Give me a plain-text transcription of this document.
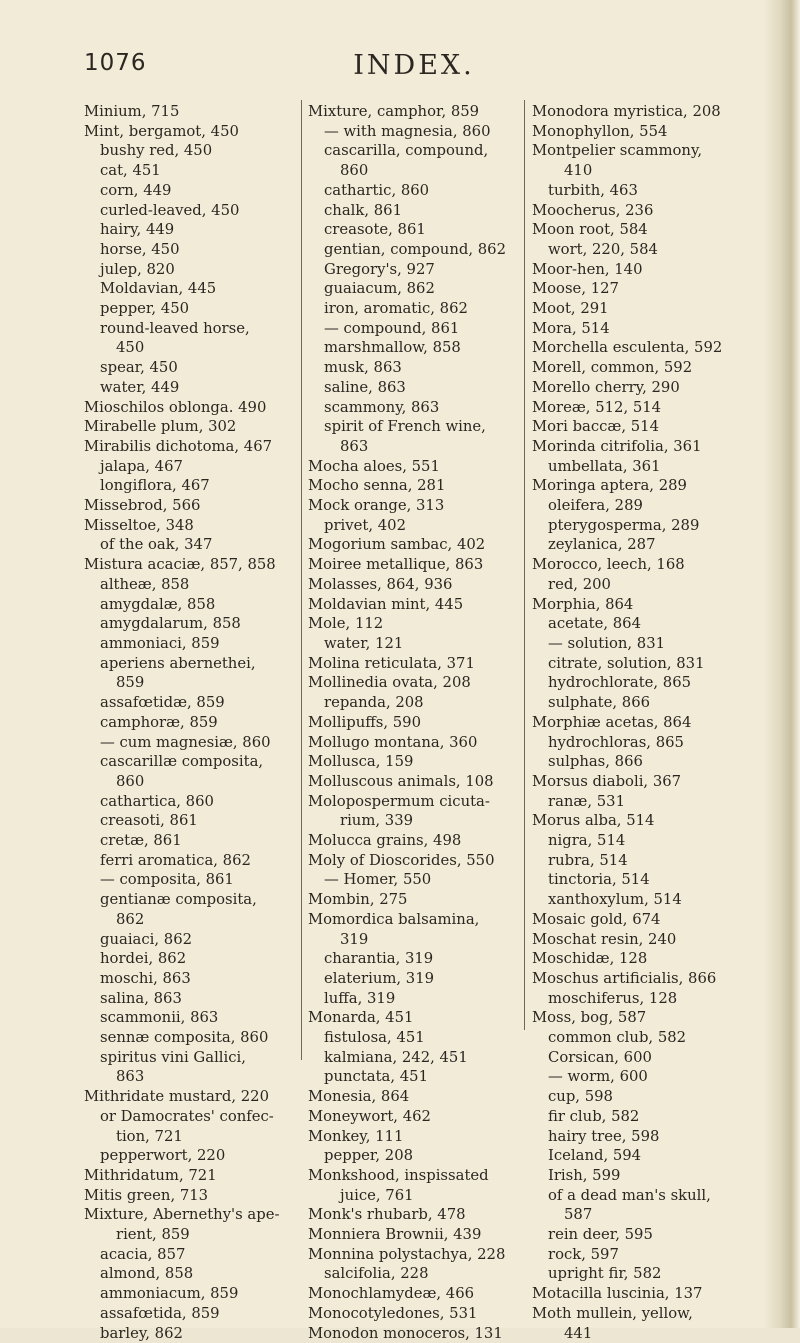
1076	INDEX.

Minium, 715

Mint, bergamot, 450

bushy red, 450

cat, 451

corn, 449

curled-leaved, 450

hairy, 449

horse, 450

julep, 820

Moldavian, 445

pepper, 450

round-leaved horse,

450

spear, 450

water, 449

Mioschilos oblonga. 490

Mirabelle plum, 302

Mirabilis dichotoma, 467

jalapa, 467

longiflora, 467

Missebrod, 566

Misseltoe, 348

of the oak, 347

Mistura acaciæ, 857, 858

altheæ, 858

amygdalæ, 858

amygdalarum, 858

ammoniaci, 859

aperiens abernethei,

859

assafœtidæ, 859

camphoræ, 859

— cum magnesiæ, 860

cascarillæ composita,

860

cathartica, 860

creasoti, 861

cretæ, 861

ferri aromatica, 862

— composita, 861

gentianæ composita,

862

guaiaci, 862

hordei, 862

moschi, 863

salina, 863

scammonii, 863

sennæ composita, 860

spiritus vini Gallici,

863

Mithridate mustard, 220

or Damocrates' confec-

tion, 721

pepperwort, 220

Mithridatum, 721

Mitis green, 713

Mixture, Abernethy's ape-

rient, 859

acacia, 857

almond, 858

ammoniacum, 859

assafœtida, 859

barley, 862

Mixture, camphor, 859

— with magnesia, 860

cascarilla, compound,

860

cathartic, 860

chalk, 861

creasote, 861

gentian, compound, 862

Gregory's, 927

guaiacum, 862

iron, aromatic, 862

— compound, 861

marshmallow, 858

musk, 863

saline, 863

scammony, 863

spirit of French wine,

863

Mocha aloes, 551

Mocho senna, 281

Mock orange, 313

privet, 402

Mogorium sambac, 402

Moiree metallique, 863

Molasses, 864, 936

Moldavian mint, 445

Mole, 112

water, 121

Molina reticulata, 371

Mollinedia ovata, 208

repanda, 208

Mollipuffs, 590

Mollugo montana, 360

Mollusca, 159

Molluscous animals, 108

Molopospermum cicuta-

rium, 339

Molucca grains, 498

Moly of Dioscorides, 550

— Homer, 550

Mombin, 275

Momordica balsamina,

319

charantia, 319

elaterium, 319

luffa, 319

Monarda, 451

fistulosa, 451

kalmiana, 242, 451

punctata, 451

Monesia, 864

Moneywort, 462

Monkey, 111

pepper, 208

Monkshood, inspissated

juice, 761

Monk's rhubarb, 478

Monniera Brownii, 439

Monnina polystachya, 228

salcifolia, 228

Monochlamydeæ, 466

Monocotyledones, 531

Monodon monoceros, 131

Monodora myristica, 208

Monophyllon, 554

Montpelier scammony,

410

turbith, 463

Moocherus, 236

Moon root, 584

wort, 220, 584

Moor-hen, 140

Moose, 127

Moot, 291

Mora, 514

Morchella esculenta, 592

Morell, common, 592

Morello cherry, 290

Moreæ, 512, 514

Mori baccæ, 514

Morinda citrifolia, 361

umbellata, 361

Moringa aptera, 289

oleifera, 289

pterygosperma, 289

zeylanica, 287

Morocco, leech, 168

red, 200

Morphia, 864

acetate, 864

— solution, 831

citrate, solution, 831

hydrochlorate, 865

sulphate, 866

Morphiæ acetas, 864

hydrochloras, 865

sulphas, 866

Morsus diaboli, 367

ranæ, 531

Morus alba, 514

nigra, 514

rubra, 514

tinctoria, 514

xanthoxylum, 514

Mosaic gold, 674

Moschat resin, 240

Moschidæ, 128

Moschus artificialis, 866

moschiferus, 128

Moss, bog, 587

common club, 582

Corsican, 600

— worm, 600

cup, 598

fir club, 582

hairy tree, 598

Iceland, 594

Irish, 599

of a dead man's skull,

587

rein deer, 595

rock, 597

upright fir, 582

Motacilla luscinia, 137

Moth mullein, yellow,

441
